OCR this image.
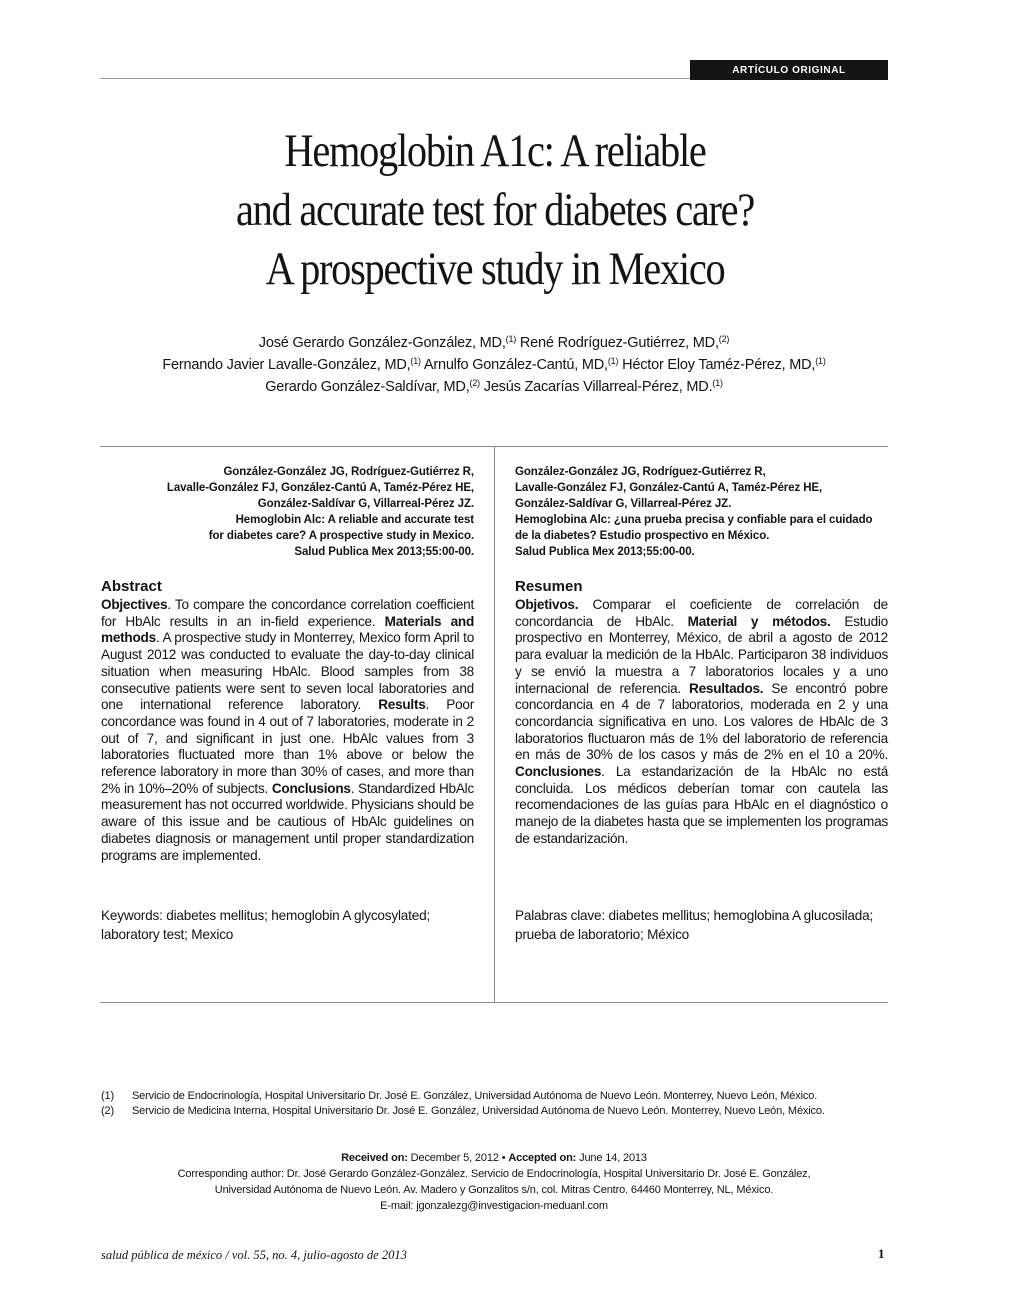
ARTÍCULO ORIGINAL
Hemoglobin A1c: A reliable
and accurate test for diabetes care?
A prospective study in Mexico
José Gerardo González-González, MD,$^{(1)}$ René Rodríguez-Gutiérrez, MD,$^{(2)}$
Fernando Javier Lavalle-González, MD,$^{(1)}$ Arnulfo González-Cantú, MD,$^{(1)}$ Héctor Eloy Taméz-Pérez, MD,$^{(1)}$
Gerardo González-Saldívar, MD,$^{(2)}$ Jesús Zacarías Villarreal-Pérez, MD.$^{(1)}$
González-González JG, Rodríguez-Gutiérrez R,
Lavalle-González FJ, González-Cantú A, Taméz-Pérez HE,
González-Saldívar G, Villarreal-Pérez JZ.
Hemoglobin Alc: A reliable and accurate test
for diabetes care? A prospective study in Mexico.
Salud Publica Mex 2013;55:00-00.
González-González JG, Rodríguez-Gutiérrez R,
Lavalle-González FJ, González-Cantú A, Taméz-Pérez HE,
González-Saldívar G, Villarreal-Pérez JZ.
Hemoglobina Alc: ¿una prueba precisa y confiable para el cuidado
de la diabetes? Estudio prospectivo en México.
Salud Publica Mex 2013;55:00-00.
Abstract
Objectives. To compare the concordance correlation coefficient for HbAlc results in an in-field experience. Materials and methods. A prospective study in Monterrey, Mexico form April to August 2012 was conducted to evaluate the day-to-day clinical situation when measuring HbAlc. Blood samples from 38 consecutive patients were sent to seven local laboratories and one international reference laboratory. Results. Poor concordance was found in 4 out of 7 laboratories, moderate in 2 out of 7, and significant in just one. HbAlc values from 3 laboratories fluctuated more than 1% above or below the reference laboratory in more than 30% of cases, and more than 2% in 10%–20% of subjects. Conclusions. Standardized HbAlc measurement has not occurred worldwide. Physicians should be aware of this issue and be cautious of HbAlc guidelines on diabetes diagnosis or management until proper standardization programs are implemented.
Keywords: diabetes mellitus; hemoglobin A glycosylated; laboratory test; Mexico
Resumen
Objetivos. Comparar el coeficiente de correlación de concordancia de HbAlc. Material y métodos. Estudio prospectivo en Monterrey, México, de abril a agosto de 2012 para evaluar la medición de la HbAlc. Participaron 38 individuos y se envió la muestra a 7 laboratorios locales y a uno internacional de referencia. Resultados. Se encontró pobre concordancia en 4 de 7 laboratorios, moderada en 2 y una concordancia significativa en uno. Los valores de HbAlc de 3 laboratorios fluctuaron más de 1% del laboratorio de referencia en más de 30% de los casos y más de 2% en el 10 a 20%. Conclusiones. La estandarización de la HbAlc no está concluida. Los médicos deberían tomar con cautela las recomendaciones de las guías para HbAlc en el diagnóstico o manejo de la diabetes hasta que se implementen los programas de estandarización.
Palabras clave: diabetes mellitus; hemoglobina A glucosilada; prueba de laboratorio; México
(1) Servicio de Endocrinología, Hospital Universitario Dr. José E. González, Universidad Autónoma de Nuevo León. Monterrey, Nuevo León, México.
(2) Servicio de Medicina Interna, Hospital Universitario Dr. José E. González, Universidad Autónoma de Nuevo León. Monterrey, Nuevo León, México.
Received on: December 5, 2012 • Accepted on: June 14, 2013
Corresponding author: Dr. José Gerardo González-González. Servicio de Endocrinología, Hospital Universitario Dr. José E. González,
Universidad Autónoma de Nuevo León. Av. Madero y Gonzalitos s/n, col. Mitras Centro. 64460 Monterrey, NL, México.
E-mail: jgonzalezg@investigacion-meduanl.com
salud pública de méxico / vol. 55, no. 4, julio-agosto de 2013	1
